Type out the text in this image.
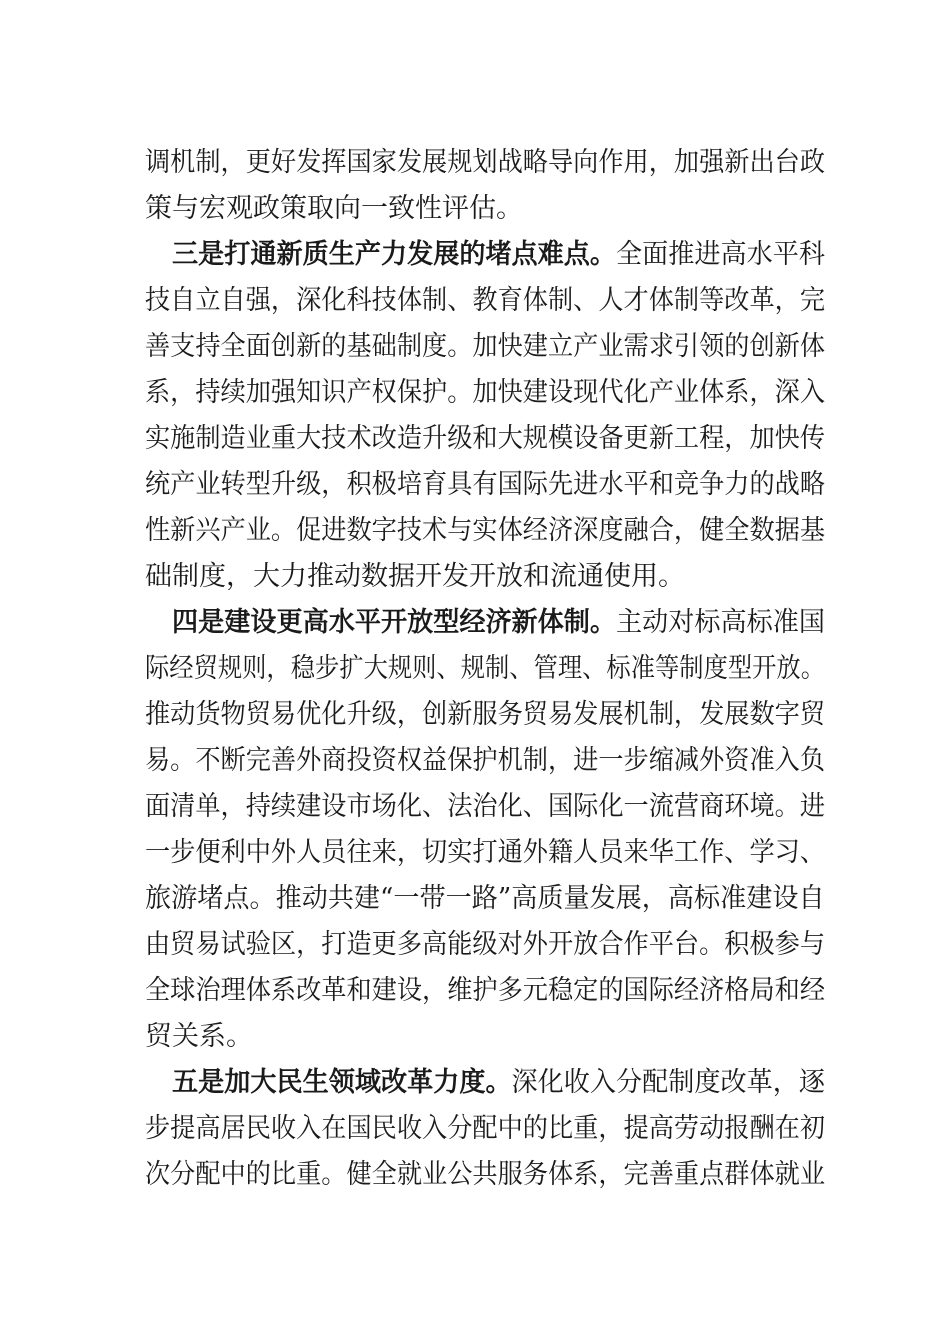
调机制，更好发挥国家发展规划战略导向作用，加强新出台政
策与宏观政策取向一致性评估。
三是打通新质生产力发展的堵点难点。全面推进高水平科
技自立自强，深化科技体制、教育体制、人才体制等改革，完
善支持全面创新的基础制度。加快建立产业需求引领的创新体
系，持续加强知识产权保护。加快建设现代化产业体系，深入
实施制造业重大技术改造升级和大规模设备更新工程，加快传
统产业转型升级，积极培育具有国际先进水平和竞争力的战略
性新兴产业。促进数字技术与实体经济深度融合，健全数据基
础制度，大力推动数据开发开放和流通使用。
四是建设更高水平开放型经济新体制。主动对标高标准国
际经贸规则，稳步扩大规则、规制、管理、标准等制度型开放。
推动货物贸易优化升级，创新服务贸易发展机制，发展数字贸
易。不断完善外商投资权益保护机制，进一步缩减外资准入负
面清单，持续建设市场化、法治化、国际化一流营商环境。进
一步便利中外人员往来，切实打通外籍人员来华工作、学习、
旅游堵点。推动共建“一带一路”高质量发展，高标准建设自
由贸易试验区，打造更多高能级对外开放合作平台。积极参与
全球治理体系改革和建设，维护多元稳定的国际经济格局和经
贸关系。
五是加大民生领域改革力度。深化收入分配制度改革，逐
步提高居民收入在国民收入分配中的比重，提高劳动报酬在初
次分配中的比重。健全就业公共服务体系，完善重点群体就业
